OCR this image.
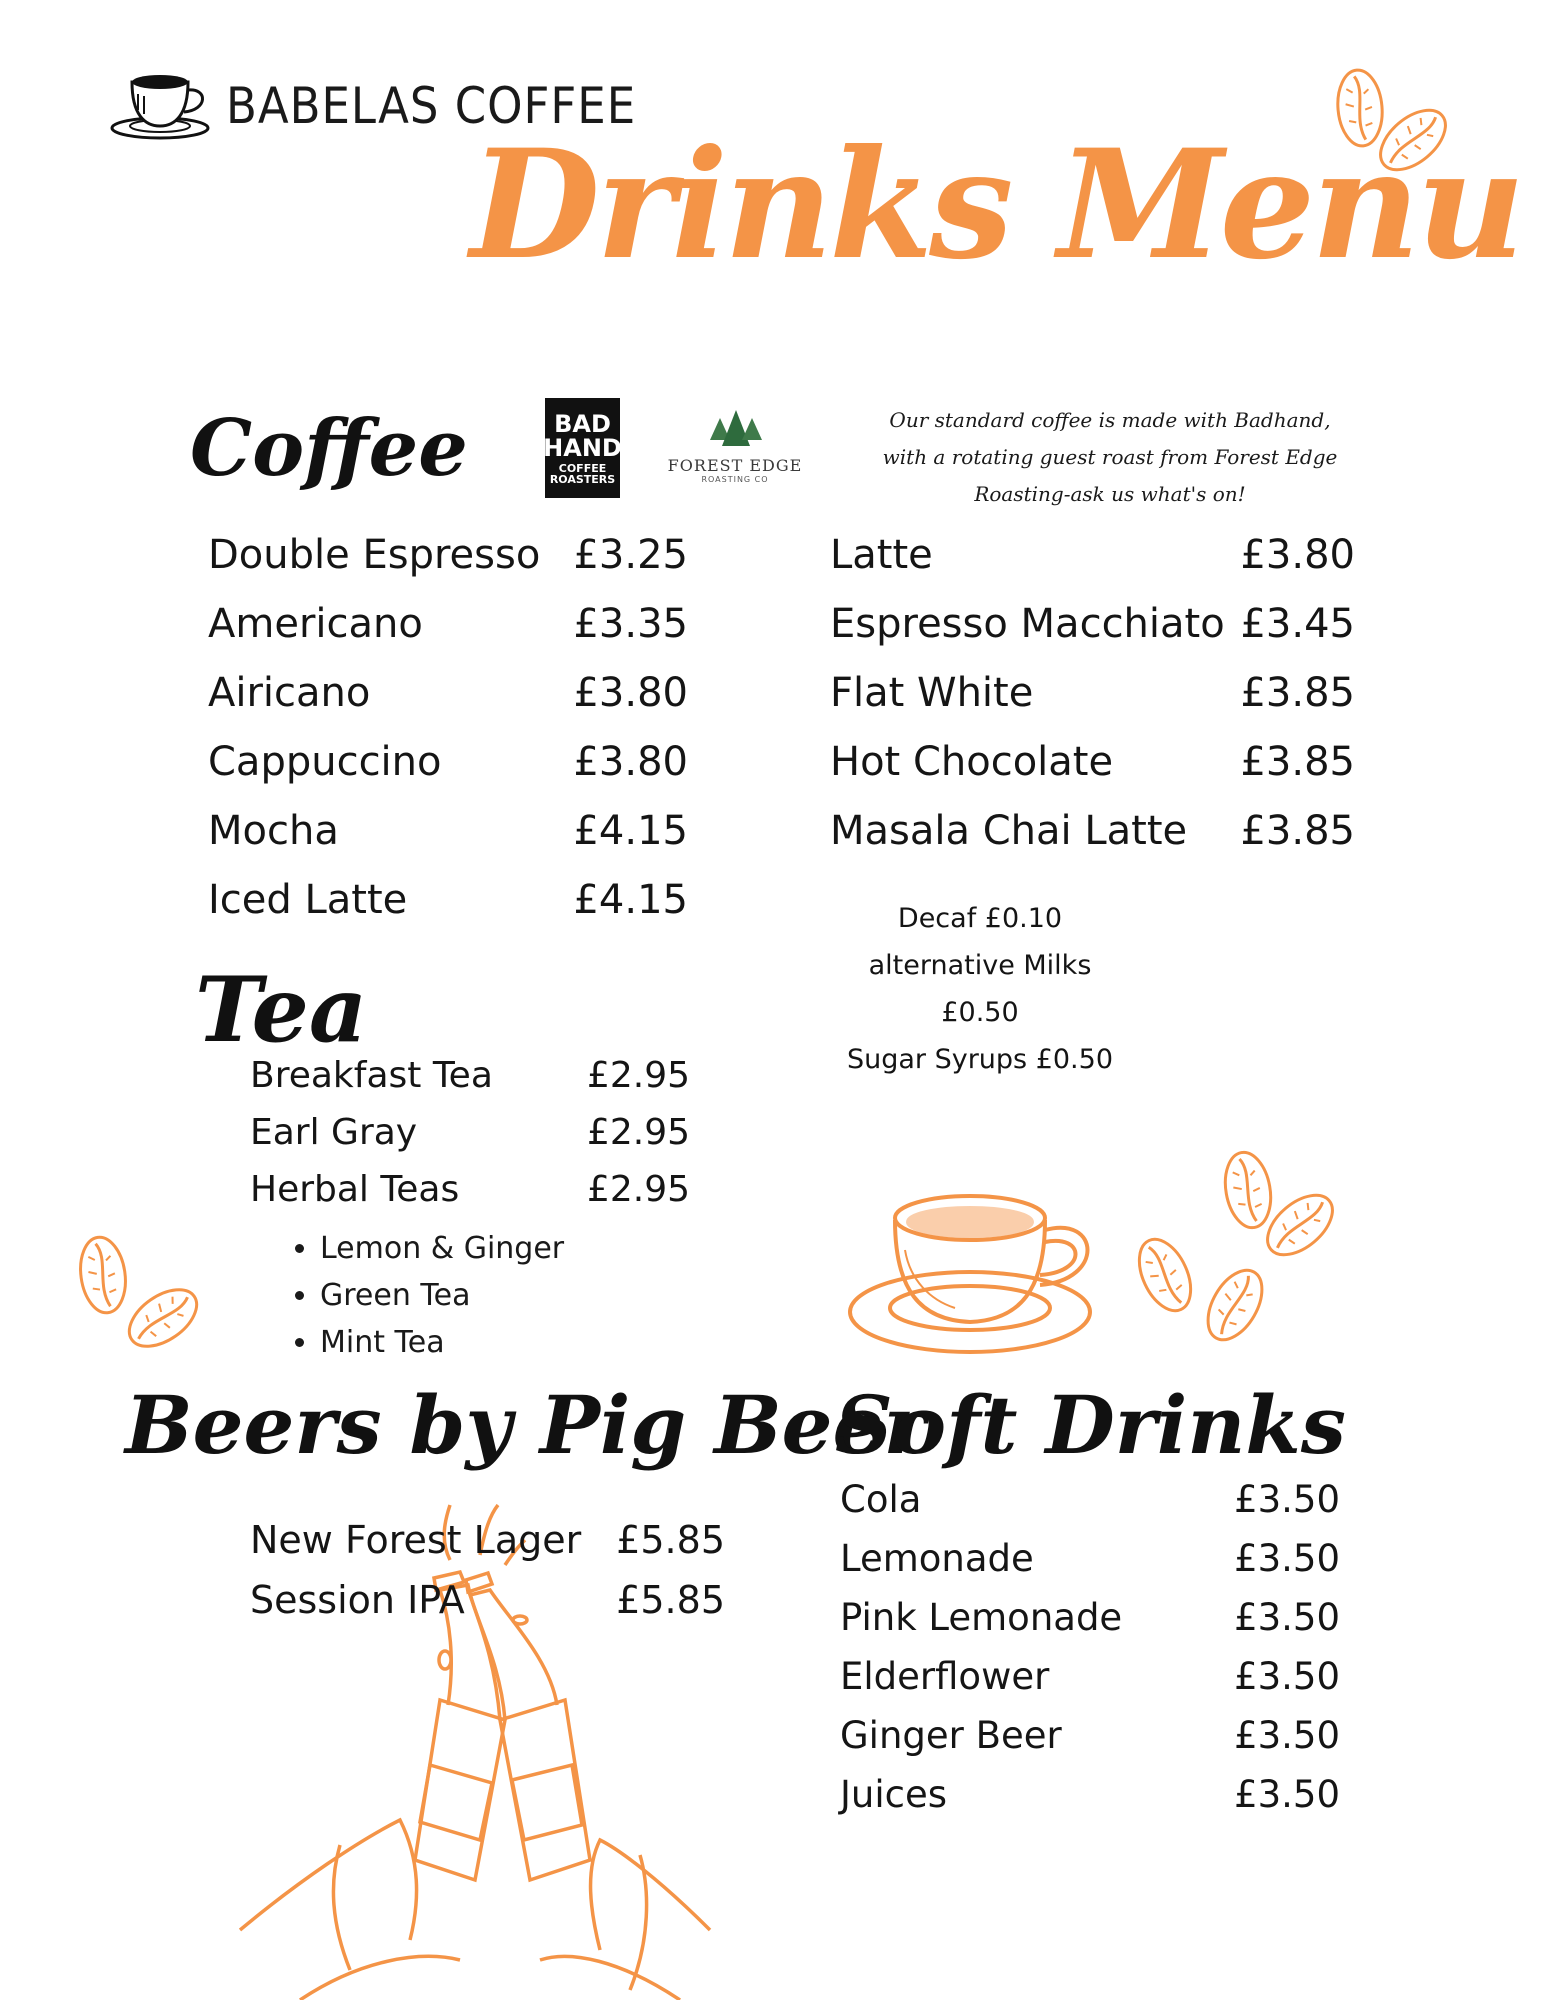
BABELAS COFFEE
Drinks Menu
Coffee	BAD
HAND
COFFEE
ROASTERS
FOREST EDGE
ROASTING CO
Our standard coffee is made with Badhand,
with a rotating guest roast from Forest Edge
Roasting-ask us what's on!
Double Espresso £3.25
Americano	£3.35
Airicano	£3.80
Cappuccino	£3.80
Mocha	£4.15
Iced Latte	£4.15
Latte	£3.80
Espresso Macchiato £3.45
Flat White	£3.85
Hot Chocolate	£3.85
Masala Chai Latte £3.85
Decaf £0.10
alternative Milks £0.50
Sugar Syrups £0.50
Tea
Breakfast Tea	£2.95
Earl Gray	£2.95
Herbal Teas	£2.95
• Lemon & Ginger
• Green Tea
• Mint Tea
Beers by Pig Beer
New Forest Lager £5.85
Session IPA	£5.85
Soft Drinks
Cola	£3.50
Lemonade	£3.50
Pink Lemonade	£3.50
Elderflower	£3.50
Ginger Beer	£3.50
Juices	£3.50
